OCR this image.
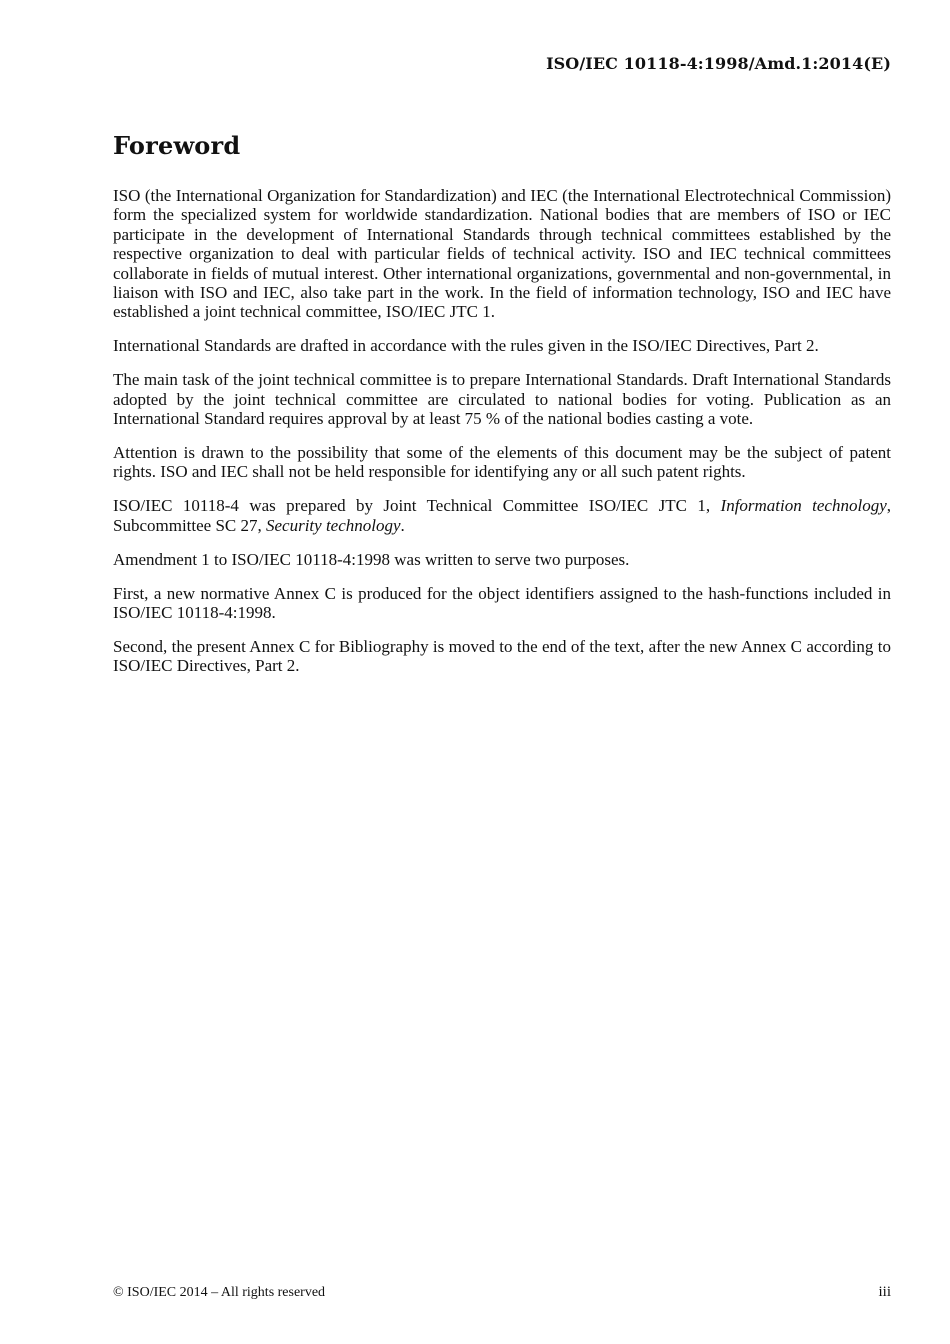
ISO/IEC 10118-4:1998/Amd.1:2014(E)
Foreword

ISO (the International Organization for Standardization) and IEC (the International Electrotechnical Commission) form the specialized system for worldwide standardization. National bodies that are members of ISO or IEC participate in the development of International Standards through technical committees established by the respective organization to deal with particular fields of technical activity. ISO and IEC technical committees collaborate in fields of mutual interest. Other international organizations, governmental and non-governmental, in liaison with ISO and IEC, also take part in the work. In the field of information technology, ISO and IEC have established a joint technical committee, ISO/IEC JTC 1.

International Standards are drafted in accordance with the rules given in the ISO/IEC Directives, Part 2.

The main task of the joint technical committee is to prepare International Standards. Draft International Standards adopted by the joint technical committee are circulated to national bodies for voting. Publication as an International Standard requires approval by at least 75 % of the national bodies casting a vote.

Attention is drawn to the possibility that some of the elements of this document may be the subject of patent rights. ISO and IEC shall not be held responsible for identifying any or all such patent rights.

ISO/IEC 10118-4 was prepared by Joint Technical Committee ISO/IEC JTC 1, Information technology, Subcommittee SC 27, Security technology.

Amendment 1 to ISO/IEC 10118-4:1998 was written to serve two purposes.

First, a new normative Annex C is produced for the object identifiers assigned to the hash-functions included in ISO/IEC 10118-4:1998.

Second, the present Annex C for Bibliography is moved to the end of the text, after the new Annex C according to ISO/IEC Directives, Part 2.

© ISO/IEC 2014 – All rights reserved	iii
